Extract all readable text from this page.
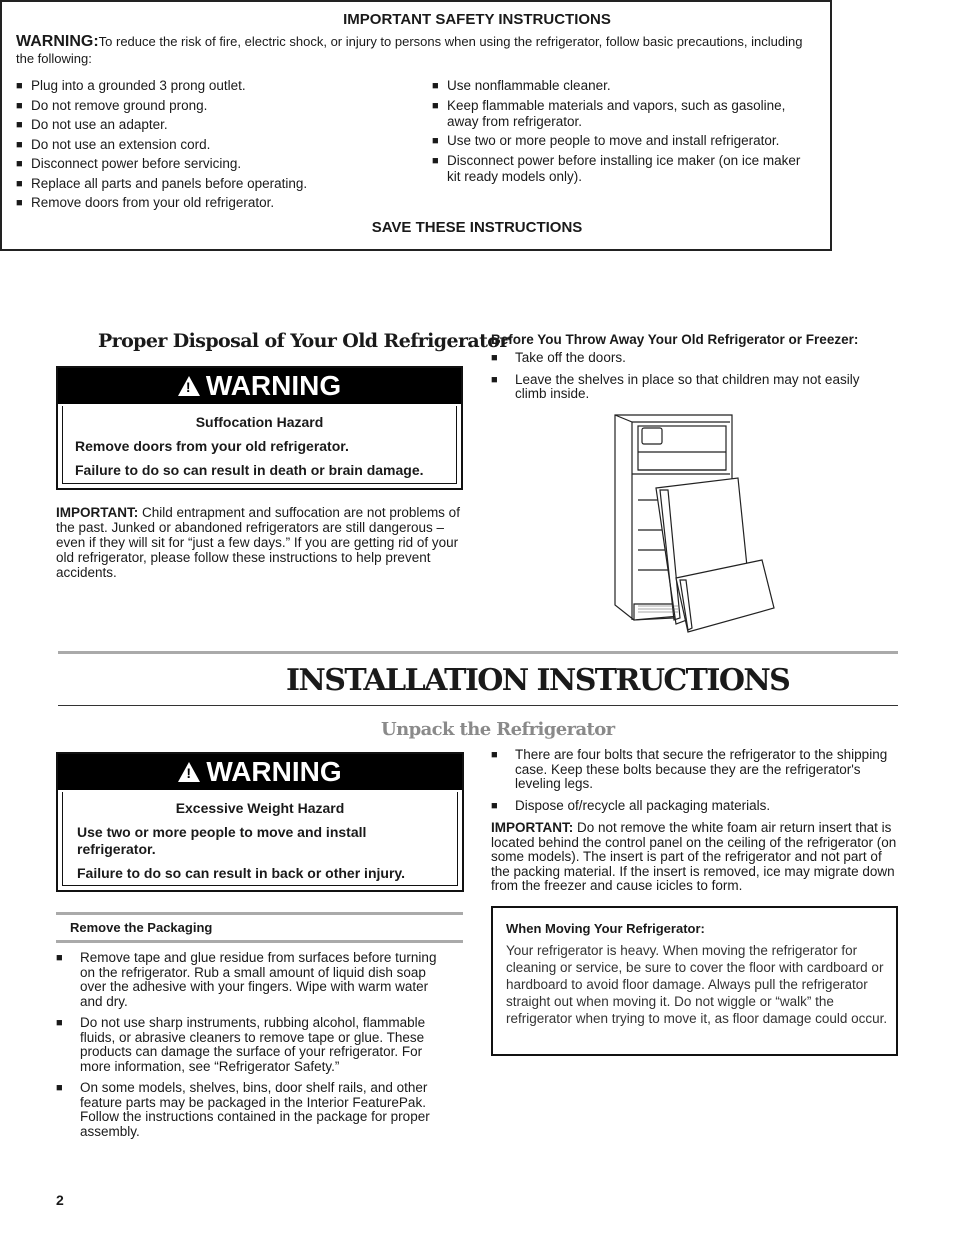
IMPORTANT SAFETY INSTRUCTIONS
WARNING:To reduce the risk of fire, electric shock, or injury to persons when using the refrigerator, follow basic precautions, including the following:
■ Plug into a grounded 3 prong outlet.
■ Do not remove ground prong.
■ Do not use an adapter.
■ Do not use an extension cord.
■ Disconnect power before servicing.
■ Replace all parts and panels before operating.
■ Remove doors from your old refrigerator.
■ Use nonflammable cleaner.
■ Keep flammable materials and vapors, such as gasoline, away from refrigerator.
■ Use two or more people to move and install refrigerator.
■ Disconnect power before installing ice maker (on ice maker kit ready models only).
SAVE THESE INSTRUCTIONS
Proper Disposal of Your Old Refrigerator
!WARNING
Suffocation Hazard
Remove doors from your old refrigerator.
Failure to do so can result in death or brain damage.
IMPORTANT: Child entrapment and suffocation are not problems of the past. Junked or abandoned refrigerators are still dangerous – even if they will sit for “just a few days.” If you are getting rid of your old refrigerator, please follow these instructions to help prevent accidents.
Before You Throw Away Your Old Refrigerator or Freezer:
■ Take off the doors.
■ Leave the shelves in place so that children may not easily climb inside.
INSTALLATION INSTRUCTIONS
Unpack the Refrigerator
!WARNING
Excessive Weight Hazard
Use two or more people to move and install refrigerator.
Failure to do so can result in back or other injury.
Remove the Packaging
■ Remove tape and glue residue from surfaces before turning on the refrigerator. Rub a small amount of liquid dish soap over the adhesive with your fingers. Wipe with warm water and dry.
■ Do not use sharp instruments, rubbing alcohol, flammable fluids, or abrasive cleaners to remove tape or glue. These products can damage the surface of your refrigerator. For more information, see “Refrigerator Safety.”
■ On some models, shelves, bins, door shelf rails, and other feature parts may be packaged in the Interior FeaturePak. Follow the instructions contained in the package for proper assembly.
■ There are four bolts that secure the refrigerator to the shipping case. Keep these bolts because they are the refrigerator's leveling legs.
■ Dispose of/recycle all packaging materials.
IMPORTANT: Do not remove the white foam air return insert that is located behind the control panel on the ceiling of the refrigerator (on some models). The insert is part of the refrigerator and not part of the packing material. If the insert is removed, ice may migrate down from the freezer and cause icicles to form.
When Moving Your Refrigerator:
Your refrigerator is heavy. When moving the refrigerator for cleaning or service, be sure to cover the floor with cardboard or hardboard to avoid floor damage. Always pull the refrigerator straight out when moving it. Do not wiggle or “walk” the refrigerator when trying to move it, as floor damage could occur.
2
